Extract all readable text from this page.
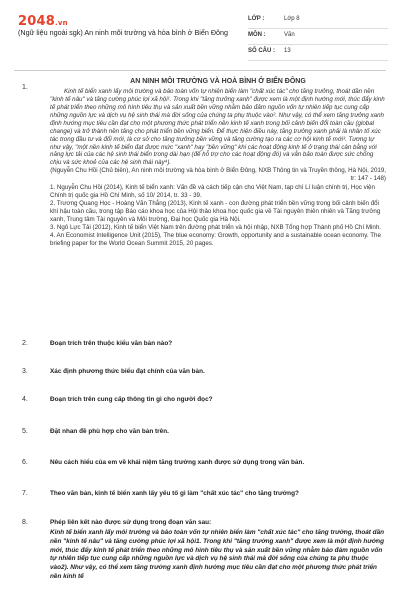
2048.vn
(Ngữ liệu ngoài sgk) An ninh môi trường và hòa bình ở Biển Đông
LỚP :	Lớp 8
MÔN :	Văn
SỐ CÂU : 13
1.
AN NINH MÔI TRƯỜNG VÀ HOÀ BÌNH Ở BIỂN ĐÔNG

Kinh tế biển xanh lấy môi trường và bảo toàn vốn tự nhiên biển làm "chất xúc tác" cho tăng trưởng, thoát dần nền "kinh tế nâu" và tăng cường phúc lợi xã hội¹. Trong khi "tăng trưởng xanh" được xem là một định hướng mới, thúc đẩy kinh tế phát triển theo những mô hình tiêu thụ và sản xuất bền vững nhằm bảo đảm nguồn vốn tự nhiên tiếp tục cung cấp những nguồn lực và dịch vụ hệ sinh thái mà đời sống của chúng ta phụ thuộc vào². Như vậy, có thể xem tăng trưởng xanh định hướng mục tiêu cần đạt cho một phương thức phát triển nền kinh tế xanh trong bối cảnh biến đổi toàn cầu (global change) và trở thành nền tảng cho phát triển bền vững biển. Để thực hiện điều này, tăng trưởng xanh phải là nhân tố xúc tác trong đầu tư và đổi mới, là cơ sở cho tăng trưởng bền vững và tăng cường tạo ra các cơ hội kinh tế mới³. Tương tự như vậy, "một nền kinh tế biển đạt được mức "xanh" hay "bền vững" khi các hoạt động kinh tế ở trạng thái cân bằng với năng lực tải của các hệ sinh thái biển trong dài hạn (để hỗ trợ cho các hoạt động đó) và vẫn bảo toàn được sức chống chịu và sức khoẻ của các hệ sinh thái này⁴).

(Nguyễn Chu Hồi (Chủ biên), An ninh môi trường và hòa bình ở Biển Đông, NXB Thông tin và Truyền thông, Hà Nội, 2019, tr: 147 - 148)

1. Nguyễn Chu Hồi (2014), Kinh tế biển xanh: Vấn đề và cách tiếp cận cho Việt Nam, tạp chí Lí luận chính trị, Học viện Chính trị quốc gia Hồ Chí Minh, số 10/ 2014, tr. 33 - 39.

2. Trương Quang Học - Hoàng Văn Thắng (2013), Kinh tế xanh - con đường phát triển bền vững trong bối cảnh biến đổi khí hậu toàn cầu, trong tập Báo cáo khoa học của Hội thảo khoa học quốc gia về Tài nguyên thiên nhiên và Tăng trưởng xanh, Trung tâm Tài nguyên và Môi trường, Đại học Quốc gia Hà Nội.

3. Ngô Lực Tải (2012), Kinh tế biển Việt Nam trên đường phát triển và hội nhập, NXB Tổng hợp Thành phố Hồ Chí Minh.

4. An Economist Intelligence Unit (2015), The blue economy: Growth, opportunity and a sustainable ocean economy. The briefing paper for the World Ocean Summit 2015, 20 pages.

2.	Đoạn trích trên thuộc kiểu văn bản nào?
3.	Xác định phương thức biểu đạt chính của văn bản.
4.	Đoạn trích trên cung cấp thông tin gì cho người đọc?
5.	Đặt nhan đề phù hợp cho văn bản trên.
6.	Nêu cách hiểu của em về khái niệm tăng trưởng xanh được sử dụng trong văn bản.
7.	Theo văn bản, kinh tế biển xanh lấy yếu tố gì làm "chất xúc tác" cho tăng trưởng?
8.	Phép liên kết nào được sử dụng trong đoạn văn sau:
Kinh tế biển xanh lấy môi trường và bảo toàn vốn tự nhiên biển làm "chất xúc tác" cho tăng trưởng, thoát dần nền "kinh tế nâu" và tăng cường phúc lợi xã hội1. Trong khi "tăng trưởng xanh" được xem là một định hướng mới, thúc đẩy kinh tế phát triển theo những mô hình tiêu thụ và sản xuất bền vững nhằm bảo đảm nguồn vốn tự nhiên tiếp tục cung cấp những nguồn lực và dịch vụ hệ sinh thái mà đời sống của chúng ta phụ thuộc vào2). Như vậy, có thể xem tăng trưởng xanh định hướng mục tiêu cần đạt cho một phương thức phát triển nền kinh tế
